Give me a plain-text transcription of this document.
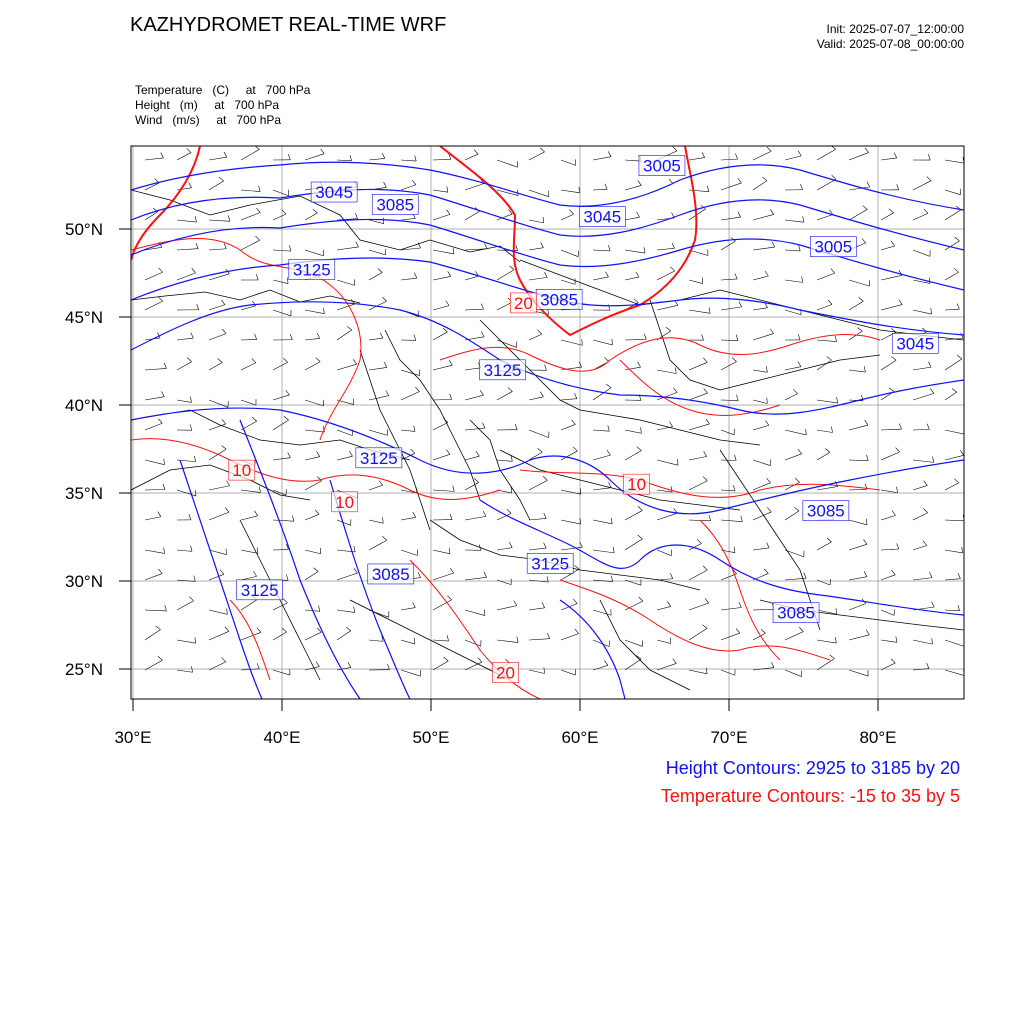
KAZHYDROMET REAL-TIME WRF	Init: 2025-07-07_12:00:00
Valid: 2025-07-08_00:00:00
Temperature (C) at   700 hPa
Height (m) at   700 hPa
Wind (m/s) at   700 hPa
3005
3045
3085
3045
3005
3125
3085
3045
3125
3125
3085
3125
3085
3125
3085
10
10
10
20
20
30°E	40°E	50°E	60°E	70°E	80°E
50°N
45°N
40°N
35°N
30°N
25°N
Height Contours: 2925 to 3185 by 20
Temperature Contours: -15 to 35 by 5
